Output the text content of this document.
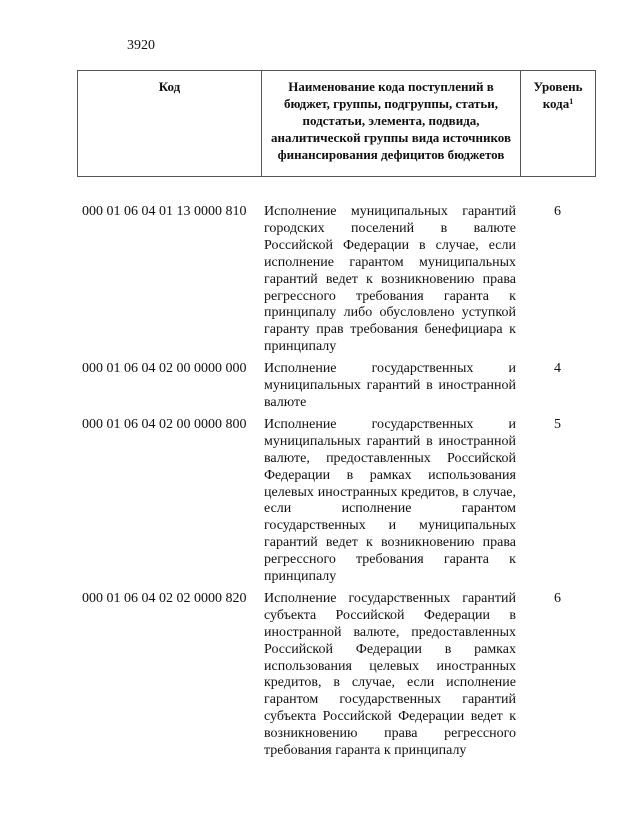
3920
Код	Наименование кода поступлений в бюджет, группы, подгруппы, статьи, подстатьи, элемента, подвида, аналитической группы вида источников финансирования дефицитов бюджетов	Уровень кода$^1$
000 01 06 04 01 13 0000 810	Исполнение муниципальных гарантий городских поселений в валюте Российской Федерации в случае, если исполнение гарантом муниципальных гарантий ведет к возникновению права регрессного требования гаранта к принципалу либо обусловлено уступкой гаранту прав требования бенефициара к принципалу	6
000 01 06 04 02 00 0000 000	Исполнение государственных и муниципальных гарантий в иностранной валюте	4
000 01 06 04 02 00 0000 800	Исполнение государственных и муниципальных гарантий в иностранной валюте, предоставленных Российской Федерации в рамках использования целевых иностранных кредитов, в случае, если исполнение гарантом государственных и муниципальных гарантий ведет к возникновению права регрессного требования гаранта к принципалу	5
000 01 06 04 02 02 0000 820	Исполнение государственных гарантий субъекта Российской Федерации в иностранной валюте, предоставленных Российской Федерации в рамках использования целевых иностранных кредитов, в случае, если исполнение гарантом государственных гарантий субъекта Российской Федерации ведет к возникновению права регрессного требования гаранта к принципалу	6
